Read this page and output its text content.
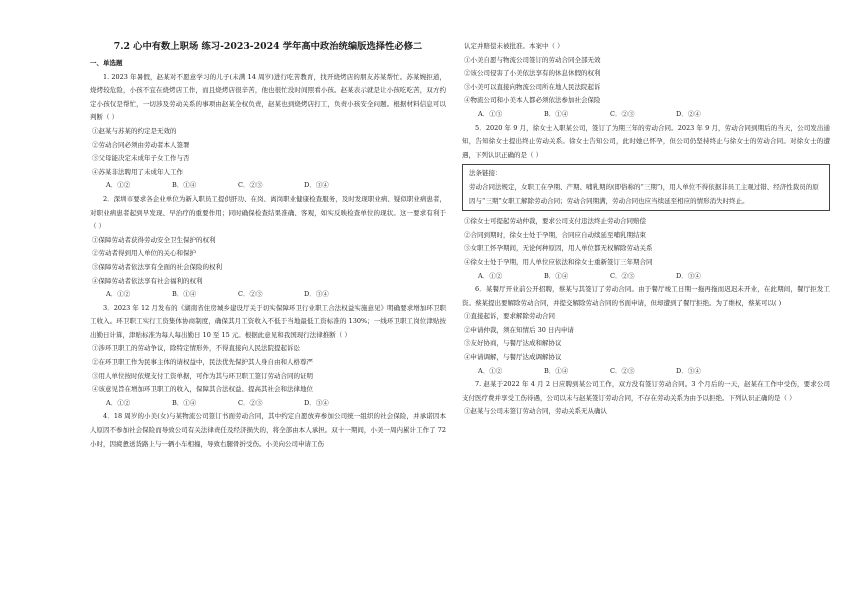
7.2 心中有数上职场 练习-2023-2024 学年高中政治统编版选择性必修二
一、单选题

1. 2023 年暑假，赵某对不愿意学习的儿子(未满 14 周岁)进行吃苦教育，找开烧烤店的朋友苏某帮忙。苏某婉拒道，烧烤较危险，小孩不宜在烧烤店工作，而且烧烤店很辛苦，他也很忙没时间照看小孩。赵某表示就是让小孩吃吃苦，双方约定小孩仅是帮忙，一切涉及劳动关系的事项由赵某全权负责，赵某也到烧烤店打工，负责小孩安全问题。根据材料信息可以判断（ ）

①赵某与苏某的约定是无效的

②劳动合同必须由劳动者本人签署

③父母能决定未成年子女工作与否

④苏某非法聘用了未成年人工作

A．①②	B．①④	C．②③	D．③④

2．深圳市要求各企业单位为新入职员工提供肝功、在岗、离岗职业健康检查服务，及时发现职业病、疑似职业病患者，对职业病患者起到早发现、早治疗的重要作用；同时确保检查结果准确、客观，如实反映检查单位的现状。这一要求有利于（ ）

①保障劳动者获得劳动安全卫生保护的权利

②劳动者得到用人单位的关心和保护

③保障劳动者依法享有全面的社会保险的权利

④保障劳动者依法享有社会福利的权利

A．①②	B．①④	C．②③	D．③④

3．2023 年 12 月发布的《湖南省住房城乡建设厅关于切实保障环卫行业职工合法权益实施意见》明确要求增加环卫职工收入。环卫职工实行工资集体协商制度，确保其月工资收入不低于当地最低工资标准的 130%；一线环卫职工岗位津贴按出勤日计算，津贴标准为每人每出勤日 10 至 15 元。根据此意见和我国现行法律推断（ ）

①涉环卫职工的劳动争议，除特定情形外，不得直接向人民法院提起诉讼

②在环卫职工作为民事主体的请权益中，民法优先保护其人身自由和人格尊严

③用人单位按时依规支付工资单据，可作为其与环卫职工签订劳动合同的证明

④该意见旨在增加环卫职工的收入，保障其合法权益、提高其社会和法律地位

A．①②	B．①④	C．②③	D．③④

4．18 周岁的小美(女)与某物流公司签订书面劳动合同，其中约定自愿放弃参加公司统一组织的社会保险，并承诺因本人原因不参加社会保险而导致公司有关法律责任及经济损失的，将全部由本人承担。双十一期间，小美一周内累计工作了 72 小时，因疲惫送货路上与一辆小车相撞，导致右腿骨折受伤。小美向公司申请工伤

认定并赔偿未被批准。本案中（ ）

①小美自愿与物流公司签订的劳动合同全部无效

②该公司侵害了小美依法享有的休息休假的权利

③小美可以直接向物流公司所在地人民法院起诉

④物流公司和小美本人都必须依法参加社会保险

A．①③	B．①④	C．②③	D．②④

5．2020 年 9 月，徐女士入职某公司，签订了为期三年的劳动合同。2023 年 9 月，劳动合同到期后的当天，公司发出通知，告知徐女士提出终止劳动关系。徐女士告知公司，此时她已怀孕，但公司仍坚持终止与徐女士的劳动合同。对徐女士的遭遇，下列认识正确的是（ ）

法条链接：

劳动合同法规定，女职工在孕期、产期、哺乳期的(即俗称的“三期”)，用人单位不得依据非员工主观过错、经济性裁员的原因与“三期”女职工解除劳动合同；劳动合同期满，劳动合同也应当续延至相应的情形消失时终止。

①徐女士可提起劳动仲裁，要求公司支付违法终止劳动合同赔偿

②合同到期时，徐女士处于孕期，合同应自动续延至哺乳期结束

③女职工怀孕期间，无论何种原因，用人单位都无权解除劳动关系

④徐女士处于孕期，用人单位应依法和徐女士重新签订三年期合同

A．①②	B．①④	C．②③	D．③④

6．某餐厅开业前公开招聘，蔡某与其签订了劳动合同。由于餐厅竣工日期一拖再拖而迟迟未开业，在此期间，餐厅拒发工资。蔡某提出要解除劳动合同，并提交解除劳动合同的书面申请，但却遭到了餐厅拒绝。为了维权，蔡某可以( )

①直接起诉，要求解除劳动合同

②申请仲裁，须在知情后 30 日内申请

③友好协商，与餐厅达成和解协议

④申请调解，与餐厅达成调解协议

A．①②	B．①④	C．②③	D．③④

7. 赵某于2022 年 4 月 2 日应聘到某公司工作，双方没有签订劳动合同。3 个月后的一天，赵某在工作中受伤，要求公司支付医疗费并享受工伤待遇，公司以未与赵某签订劳动合同，不存在劳动关系为由予以拒绝。下列认识正确的是（ ）

①赵某与公司未签订劳动合同，劳动关系无从确认
